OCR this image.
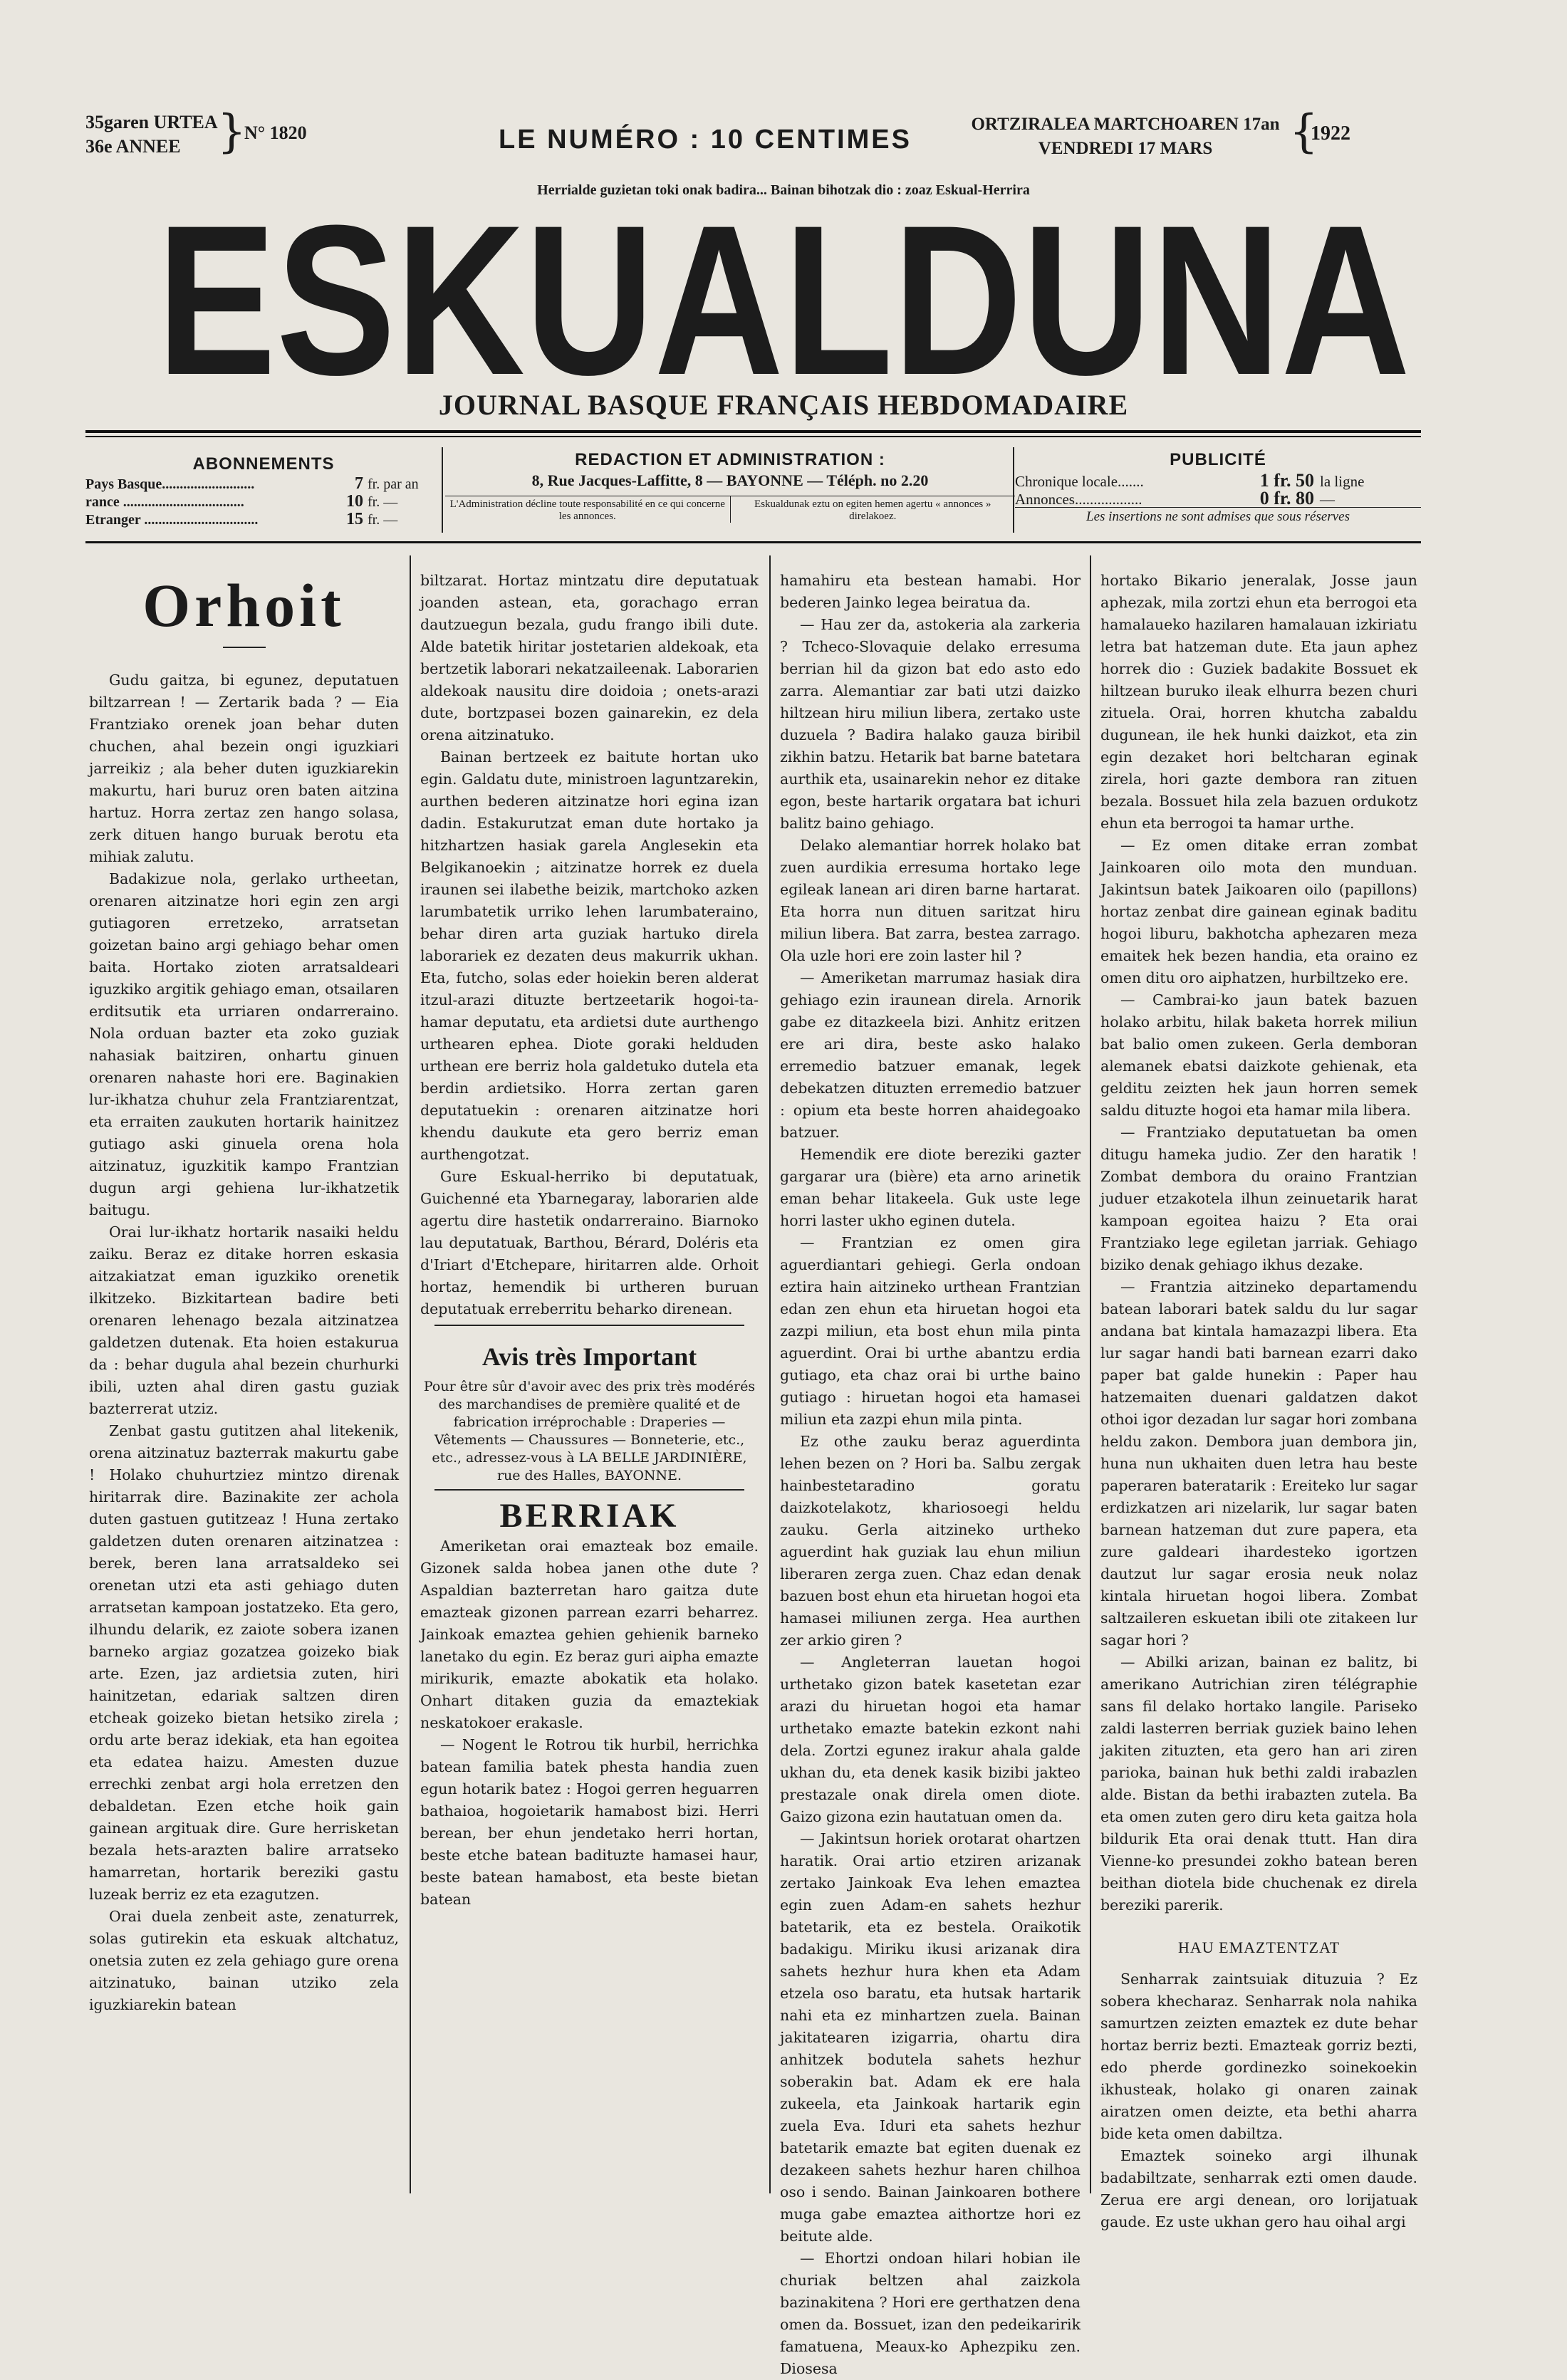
35garen URTEA
36e ANNEE }
N° 1820	LE NUMÉRO : 10 CENTIMES
ORTZIRALEA MARTCHOAREN 17an
VENDREDI 17 MARS	{
1922
Herrialde guzietan toki onak badira... Bainan bihotzak dio : zoaz Eskual-Herrira
ESKUALDUNA
JOURNAL BASQUE FRANÇAIS HEBDOMADAIRE
ABONNEMENTS
Pays Basque..........................	7 fr. par an
rance ..................................	10 fr. —
Etranger ................................	15 fr. —
REDACTION ET ADMINISTRATION :
8, Rue Jacques-Laffitte, 8 — BAYONNE — Téléph. no 2.20
L'Administration décline toute responsabilité en ce qui concerne les annonces.
Eskualdunak eztu on egiten hemen agertu « annonces » direlakoez.
PUBLICITÉ
Chronique locale.......	1 fr. 50 la ligne
Annonces..................	0 fr. 80 —
Les insertions ne sont admises que sous réserves
Orhoit

Gudu gaitza, bi egunez, deputatuen biltzarrean ! — Zertarik bada ? — Eia Frantziako orenek joan behar duten chuchen, ahal bezein ongi iguzkiari jarreikiz ; ala beher duten iguzkiarekin makurtu, hari buruz oren baten aitzina hartuz. Horra zertaz zen hango solasa, zerk dituen hango buruak berotu eta mihiak zalutu.

Badakizue nola, gerlako urtheetan, orenaren aitzinatze hori egin zen argi gutiagoren erretzeko, arratsetan goizetan baino argi gehiago behar omen baita. Hortako zioten arratsaldeari iguzkiko argitik gehiago eman, otsailaren erditsutik eta urriaren ondarreraino. Nola orduan bazter eta zoko guziak nahasiak baitziren, onhartu ginuen orenaren nahaste hori ere. Baginakien lur-ikhatza chuhur zela Frantziarentzat, eta erraiten zaukuten hortarik hainitzez gutiago aski ginuela orena hola aitzinatuz, iguzkitik kampo Frantzian dugun argi gehiena lur-ikhatzetik baitugu.

Orai lur-ikhatz hortarik nasaiki heldu zaiku. Beraz ez ditake horren eskasia aitzakiatzat eman iguzkiko orenetik ilkitzeko. Bizkitartean badire beti orenaren lehenago bezala aitzinatzea galdetzen dutenak. Eta hoien estakurua da : behar dugula ahal bezein churhurki ibili, uzten ahal diren gastu guziak bazterrerat utziz.

Zenbat gastu gutitzen ahal litekenik, orena aitzinatuz bazterrak makurtu gabe ! Holako chuhurtziez mintzo direnak hiritarrak dire. Bazinakite zer achola duten gastuen gutitzeaz ! Huna zertako galdetzen duten orenaren aitzinatzea : berek, beren lana arratsaldeko sei orenetan utzi eta asti gehiago duten arratsetan kampoan jostatzeko. Eta gero, ilhundu delarik, ez zaiote sobera izanen barneko argiaz gozatzea goizeko biak arte. Ezen, jaz ardietsia zuten, hiri hainitzetan, edariak saltzen diren etcheak goizeko bietan hetsiko zirela ; ordu arte beraz idekiak, eta han egoitea eta edatea haizu. Amesten duzue errechki zenbat argi hola erretzen den debaldetan. Ezen etche hoik gain gainean argituak dire. Gure herrisketan bezala hets-arazten balire arratseko hamarretan, hortarik bereziki gastu luzeak berriz ez eta ezagutzen.

Orai duela zenbeit aste, zenaturrek, solas gutirekin eta eskuak altchatuz, onetsia zuten ez zela gehiago gure orena aitzinatuko, bainan utziko zela iguzkiarekin batean

biltzarat. Hortaz mintzatu dire deputatuak joanden astean, eta, gorachago erran dautzuegun bezala, gudu frango ibili dute. Alde batetik hiritar jostetarien aldekoak, eta bertzetik laborari nekatzaileenak. Laborarien aldekoak nausitu dire doidoia ; onets-arazi dute, bortzpasei bozen gainarekin, ez dela orena aitzinatuko.

Bainan bertzeek ez baitute hortan uko egin. Galdatu dute, ministroen laguntzarekin, aurthen bederen aitzinatze hori egina izan dadin. Estakurutzat eman dute hortako ja hitzhartzen hasiak garela Anglesekin eta Belgikanoekin ; aitzinatze horrek ez duela iraunen sei ilabethe beizik, martchoko azken larumbatetik urriko lehen larumbateraino, behar diren arta guziak hartuko direla laborariek ez dezaten deus makurrik ukhan. Eta, futcho, solas eder hoiekin beren alderat itzul-arazi dituzte bertzeetarik hogoi-ta-hamar deputatu, eta ardietsi dute aurthengo urthearen ephea. Diote goraki helduden urthean ere berriz hola galdetuko dutela eta berdin ardietsiko. Horra zertan garen deputatuekin : orenaren aitzinatze hori khendu daukute eta gero berriz eman aurthengotzat.

Gure Eskual-herriko bi deputatuak, Guichenné eta Ybarnegaray, laborarien alde agertu dire hastetik ondarreraino. Biarnoko lau deputatuak, Barthou, Bérard, Doléris eta d'Iriart d'Etchepare, hiritarren alde. Orhoit hortaz, hemendik bi urtheren buruan deputatuak erreberritu beharko direnean.

Avis très Important

Pour être sûr d'avoir avec des prix très modérés des marchandises de première qualité et de fabrication irréprochable : Draperies — Vêtements — Chaussures — Bonneterie, etc., etc., adressez-vous à LA BELLE JARDINIÈRE, rue des Halles, BAYONNE.

BERRIAK

Ameriketan orai emazteak boz emaile. Gizonek salda hobea janen othe dute ? Aspaldian bazterretan haro gaitza dute emazteak gizonen parrean ezarri beharrez. Jainkoak emaztea gehien gehienik barneko lanetako du egin. Ez beraz guri aipha emazte mirikurik, emazte abokatik eta holako. Onhart ditaken guzia da emaztekiak neskatokoer erakasle.

— Nogent le Rotrou tik hurbil, herrichka batean familia batek phesta handia zuen egun hotarik batez : Hogoi gerren heguarren bathaioa, hogoietarik hamabost bizi. Herri berean, ber ehun jendetako herri hortan, beste etche batean badituzte hamasei haur, beste batean hamabost, eta beste bietan batean

hamahiru eta bestean hamabi. Hor bederen Jainko legea beiratua da.

— Hau zer da, astokeria ala zarkeria ? Tcheco-Slovaquie delako erresuma berrian hil da gizon bat edo asto edo zarra. Alemantiar zar bati utzi daizko hiltzean hiru miliun libera, zertako uste duzuela ? Badira halako gauza biribil zikhin batzu. Hetarik bat barne batetara aurthik eta, usainarekin nehor ez ditake egon, beste hartarik orgatara bat ichuri balitz baino gehiago.

Delako alemantiar horrek holako bat zuen aurdikia erresuma hortako lege egileak lanean ari diren barne hartarat. Eta horra nun dituen saritzat hiru miliun libera. Bat zarra, bestea zarrago. Ola uzle hori ere zoin laster hil ?

— Ameriketan marrumaz hasiak dira gehiago ezin iraunean direla. Arnorik gabe ez ditazkeela bizi. Anhitz eritzen ere ari dira, beste asko halako erremedio batzuer emanak, legek debekatzen dituzten erremedio batzuer : opium eta beste horren ahaidegoako batzuer.

Hemendik ere diote bereziki gazter gargarar ura (bière) eta arno arinetik eman behar litakeela. Guk uste lege horri laster ukho eginen dutela.

— Frantzian ez omen gira aguerdiantari gehiegi. Gerla ondoan eztira hain aitzineko urthean Frantzian edan zen ehun eta hiruetan hogoi eta zazpi miliun, eta bost ehun mila pinta aguerdint. Orai bi urthe abantzu erdia gutiago, eta chaz orai bi urthe baino gutiago : hiruetan hogoi eta hamasei miliun eta zazpi ehun mila pinta.

Ez othe zauku beraz aguerdinta lehen bezen on ? Hori ba. Salbu zergak hainbestetaradino goratu daizkotelakotz, khariosoegi heldu zauku. Gerla aitzineko urtheko aguerdint hak guziak lau ehun miliun liberaren zerga zuen. Chaz edan denak bazuen bost ehun eta hiruetan hogoi eta hamasei miliunen zerga. Hea aurthen zer arkio giren ?

— Angleterran lauetan hogoi urthetako gizon batek kasetetan ezar arazi du hiruetan hogoi eta hamar urthetako emazte batekin ezkont nahi dela. Zortzi egunez irakur ahala galde ukhan du, eta denek kasik bizibi jakteo prestazale onak direla omen diote. Gaizo gizona ezin hautatuan omen da.

— Jakintsun horiek orotarat ohartzen haratik. Orai artio etziren arizanak zertako Jainkoak Eva lehen emaztea egin zuen Adam-en sahets hezhur batetarik, eta ez bestela. Oraikotik badakigu. Miriku ikusi arizanak dira sahets hezhur hura khen eta Adam etzela oso baratu, eta hutsak hartarik nahi eta ez minhartzen zuela. Bainan jakitatearen izigarria, ohartu dira anhitzek bodutela sahets hezhur soberakin bat. Adam ek ere hala zukeela, eta Jainkoak hartarik egin zuela Eva. Iduri eta sahets hezhur batetarik emazte bat egiten duenak ez dezakeen sahets hezhur haren chilhoa oso i sendo. Bainan Jainkoaren bothere muga gabe emaztea aithortze hori ez beitute alde.

— Ehortzi ondoan hilari hobian ile churiak beltzen ahal zaizkola bazinakitena ? Hori ere gerthatzen dena omen da. Bossuet, izan den pedeikaririk famatuena, Meaux-ko Aphezpiku zen. Diosesa

hortako Bikario jeneralak, Josse jaun aphezak, mila zortzi ehun eta berrogoi eta hamalaueko hazilaren hamalauan izkiriatu letra bat hatzeman dute. Eta jaun aphez horrek dio : Guziek badakite Bossuet ek hiltzean buruko ileak elhurra bezen churi zituela. Orai, horren khutcha zabaldu dugunean, ile hek hunki daizkot, eta zin egin dezaket hori beltcharan eginak zirela, hori gazte dembora ran zituen bezala. Bossuet hila zela bazuen ordukotz ehun eta berrogoi ta hamar urthe.

— Ez omen ditake erran zombat Jainkoaren oilo mota den munduan. Jakintsun batek Jaikoaren oilo (papillons) hortaz zenbat dire gainean eginak baditu hogoi liburu, bakhotcha aphezaren meza emaitek hek bezen handia, eta oraino ez omen ditu oro aiphatzen, hurbiltzeko ere.

— Cambrai-ko jaun batek bazuen holako arbitu, hilak baketa horrek miliun bat balio omen zukeen. Gerla demboran alemanek ebatsi daizkote gehienak, eta gelditu zeizten hek jaun horren semek saldu dituzte hogoi eta hamar mila libera.

— Frantziako deputatuetan ba omen ditugu hameka judio. Zer den haratik ! Zombat dembora du oraino Frantzian juduer etzakotela ilhun zeinuetarik harat kampoan egoitea haizu ? Eta orai Frantziako lege egiletan jarriak. Gehiago biziko denak gehiago ikhus dezake.

— Frantzia aitzineko departamendu batean laborari batek saldu du lur sagar andana bat kintala hamazazpi libera. Eta lur sagar handi bati barnean ezarri dako paper bat galde hunekin : Paper hau hatzemaiten duenari galdatzen dakot othoi igor dezadan lur sagar hori zombana heldu zakon. Dembora juan dembora jin, huna nun ukhaiten duen letra hau beste paperaren bateratarik : Ereiteko lur sagar erdizkatzen ari nizelarik, lur sagar baten barnean hatzeman dut zure papera, eta zure galdeari ihardesteko igortzen dautzut lur sagar erosia neuk nolaz kintala hiruetan hogoi libera. Zombat saltzaileren eskuetan ibili ote zitakeen lur sagar hori ?

— Abilki arizan, bainan ez balitz, bi amerikano Autrichian ziren télégraphie sans fil delako hortako langile. Pariseko zaldi lasterren berriak guziek baino lehen jakiten zituzten, eta gero han ari ziren parioka, bainan huk bethi zaldi irabazlen alde. Bistan da bethi irabazten zutela. Ba eta omen zuten gero diru keta gaitza hola bildurik Eta orai denak ttutt. Han dira Vienne-ko presundei zokho batean beren beithan diotela bide chuchenak ez direla bereziki parerik.

HAU EMAZTENTZAT

Senharrak zaintsuiak dituzuia ? Ez sobera khecharaz. Senharrak nola nahika samurtzen zeizten emaztek ez dute behar hortaz berriz bezti. Emazteak gorriz bezti, edo pherde gordinezko soinekoekin ikhusteak, holako gi onaren zainak airatzen omen deizte, eta bethi aharra bide keta omen dabiltza.

Emaztek soineko argi ilhunak badabiltzate, senharrak ezti omen daude. Zerua ere argi denean, oro lorijatuak gaude. Ez uste ukhan gero hau oihal argi
